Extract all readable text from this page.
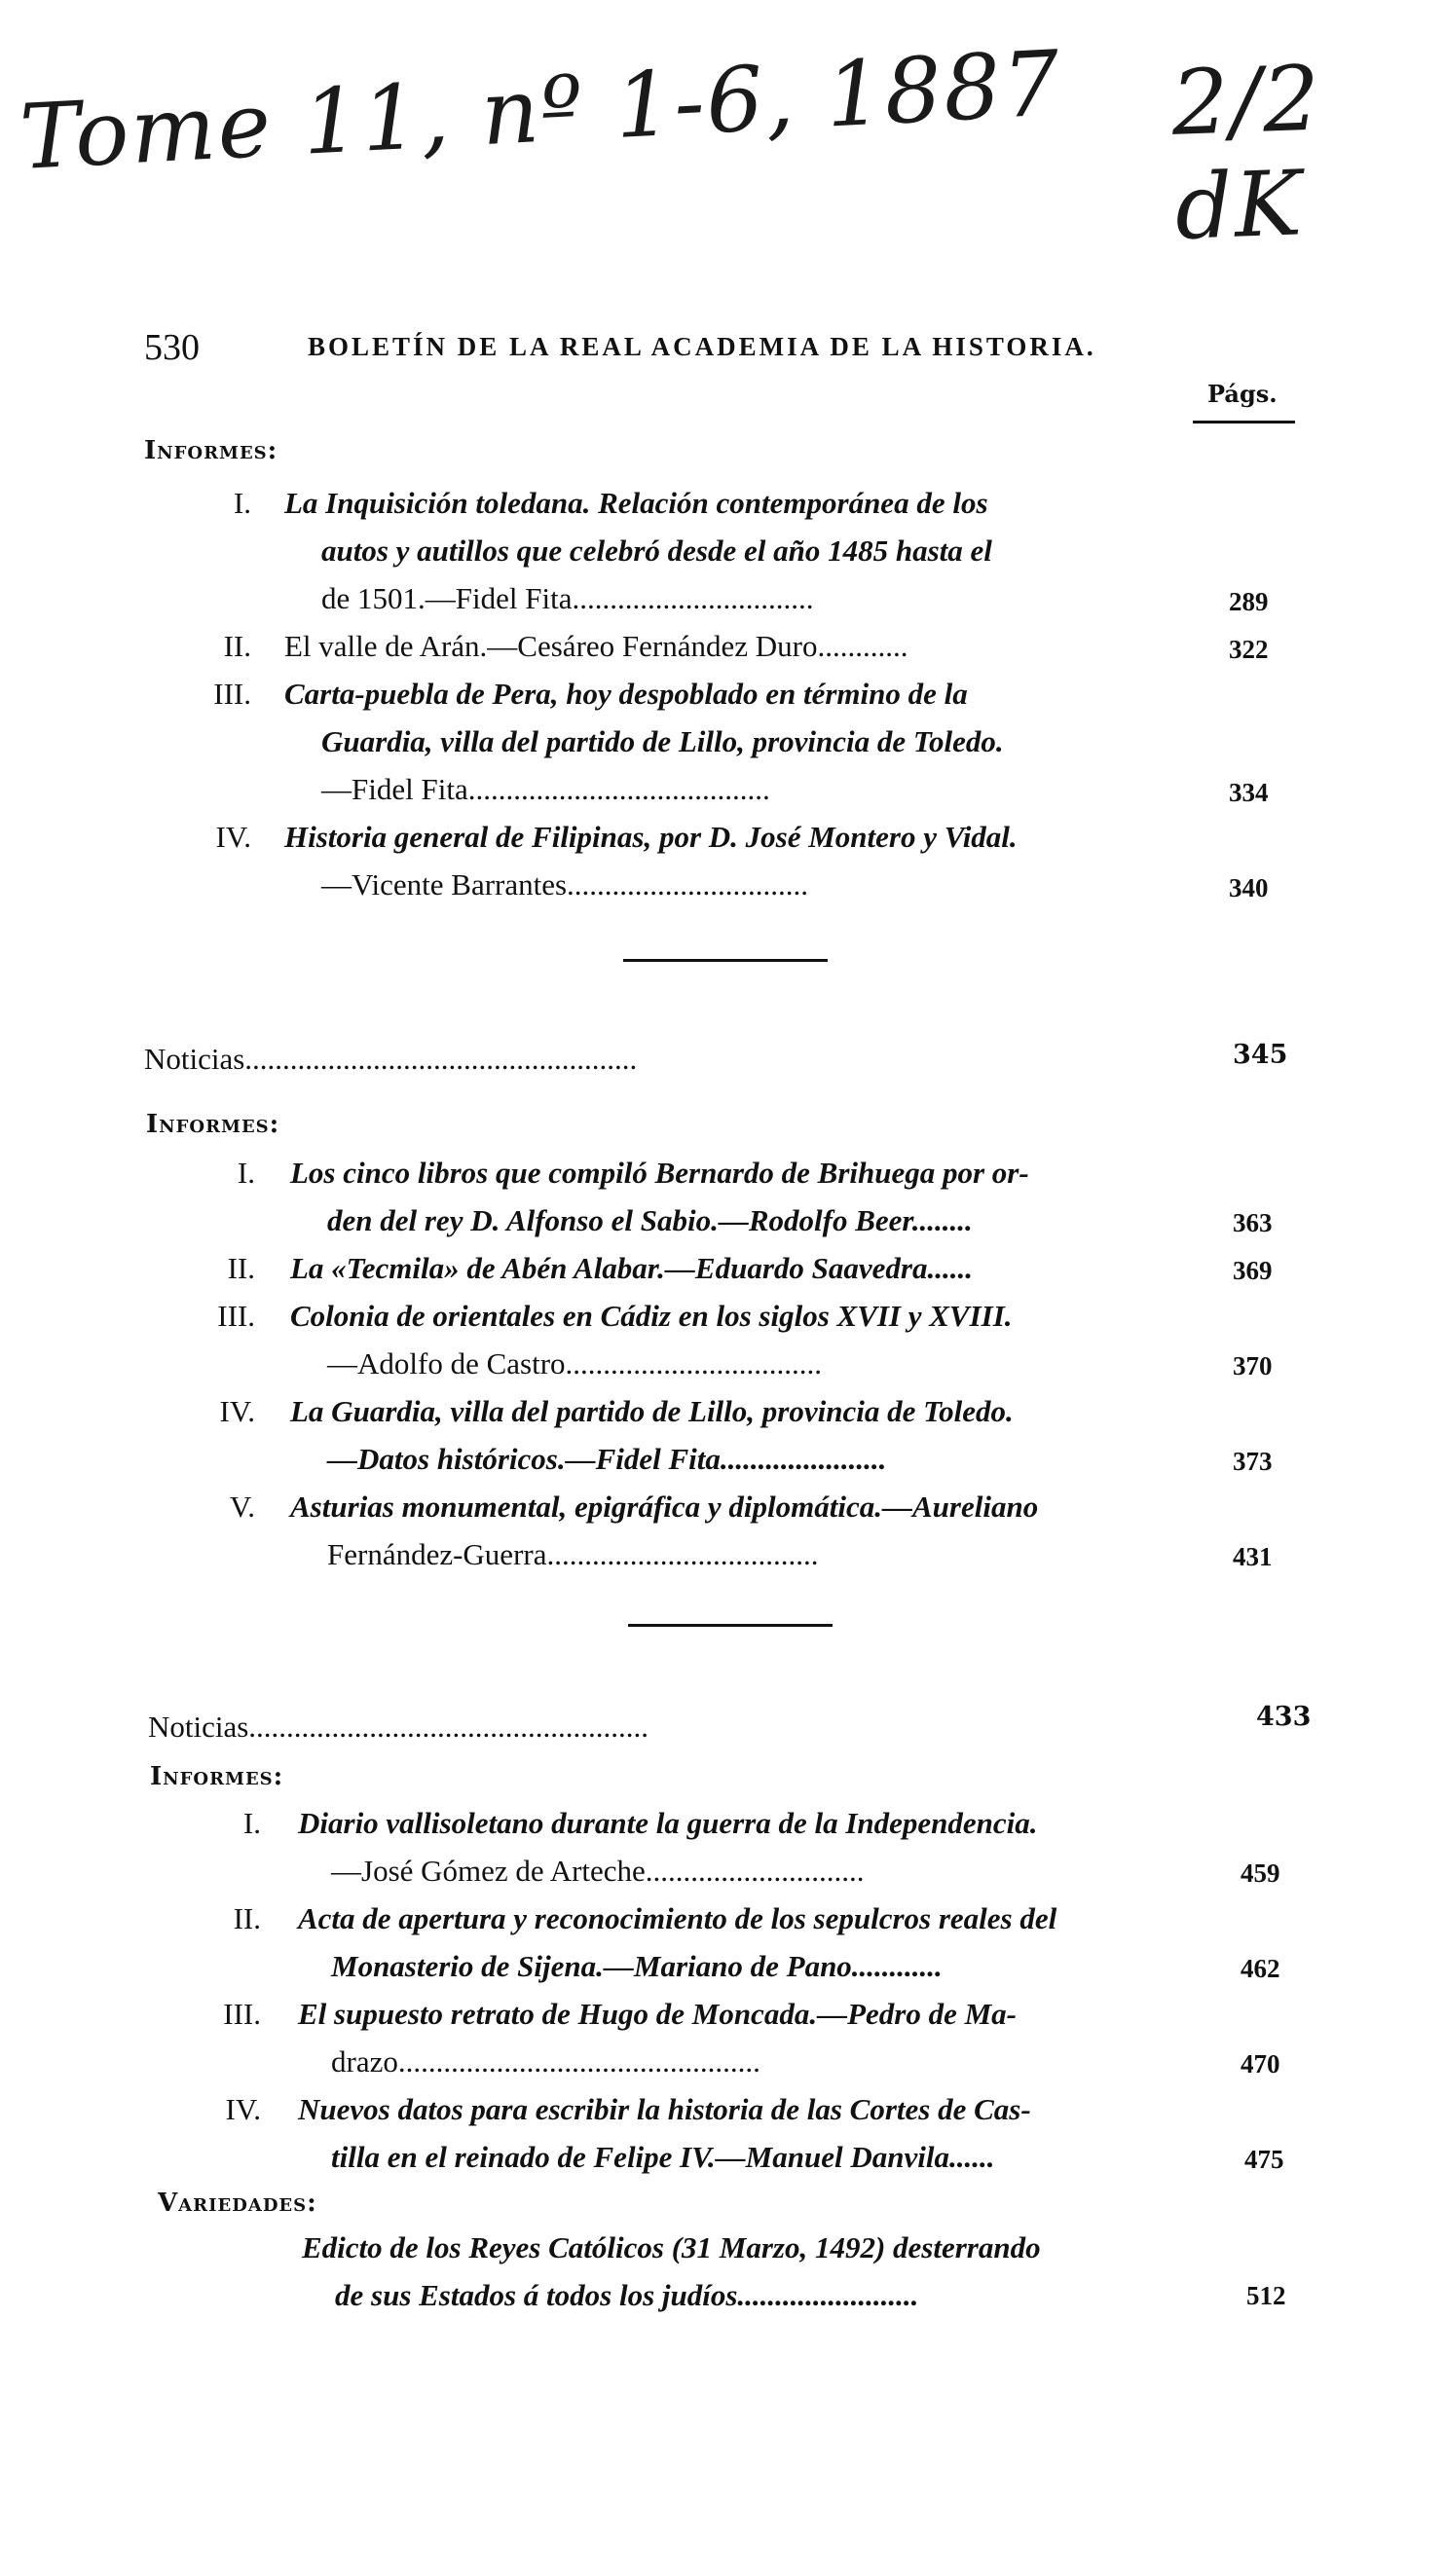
Tome 11, nº 1-6, 1887 2/2 dK
530	BOLETÍN DE LA REAL ACADEMIA DE LA HISTORIA.
Págs.
Informes:
I. La Inquisición toledana. Relación contemporánea de los
autos y autillos que celebró desde el año 1485 hasta el
de 1501.—Fidel Fita................................	289
II. El valle de Arán.—Cesáreo Fernández Duro............	322
III. Carta-puebla de Pera, hoy despoblado en término de la
Guardia, villa del partido de Lillo, provincia de Toledo.
—Fidel Fita........................................	334
IV. Historia general de Filipinas, por D. José Montero y Vidal.
—Vicente Barrantes................................	340
Noticias....................................................	345
Informes:
I. Los cinco libros que compiló Bernardo de Brihuega por or-
den del rey D. Alfonso el Sabio.—Rodolfo Beer........	363
II. La «Tecmila» de Abén Alabar.—Eduardo Saavedra......	369
III. Colonia de orientales en Cádiz en los siglos XVII y XVIII.
—Adolfo de Castro..................................	370
IV. La Guardia, villa del partido de Lillo, provincia de Toledo.
—Datos históricos.—Fidel Fita......................	373
V. Asturias monumental, epigráfica y diplomática.—Aureliano
Fernández-Guerra....................................	431
Noticias.....................................................	433
Informes:
I. Diario vallisoletano durante la guerra de la Independencia.
—José Gómez de Arteche.............................	459
II. Acta de apertura y reconocimiento de los sepulcros reales del
Monasterio de Sijena.—Mariano de Pano............	462
III. El supuesto retrato de Hugo de Moncada.—Pedro de Ma-
drazo................................................	470
IV. Nuevos datos para escribir la historia de las Cortes de Cas-
tilla en el reinado de Felipe IV.—Manuel Danvila......	475
Variedades:
Edicto de los Reyes Católicos (31 Marzo, 1492) desterrando
de sus Estados á todos los judíos........................	512
